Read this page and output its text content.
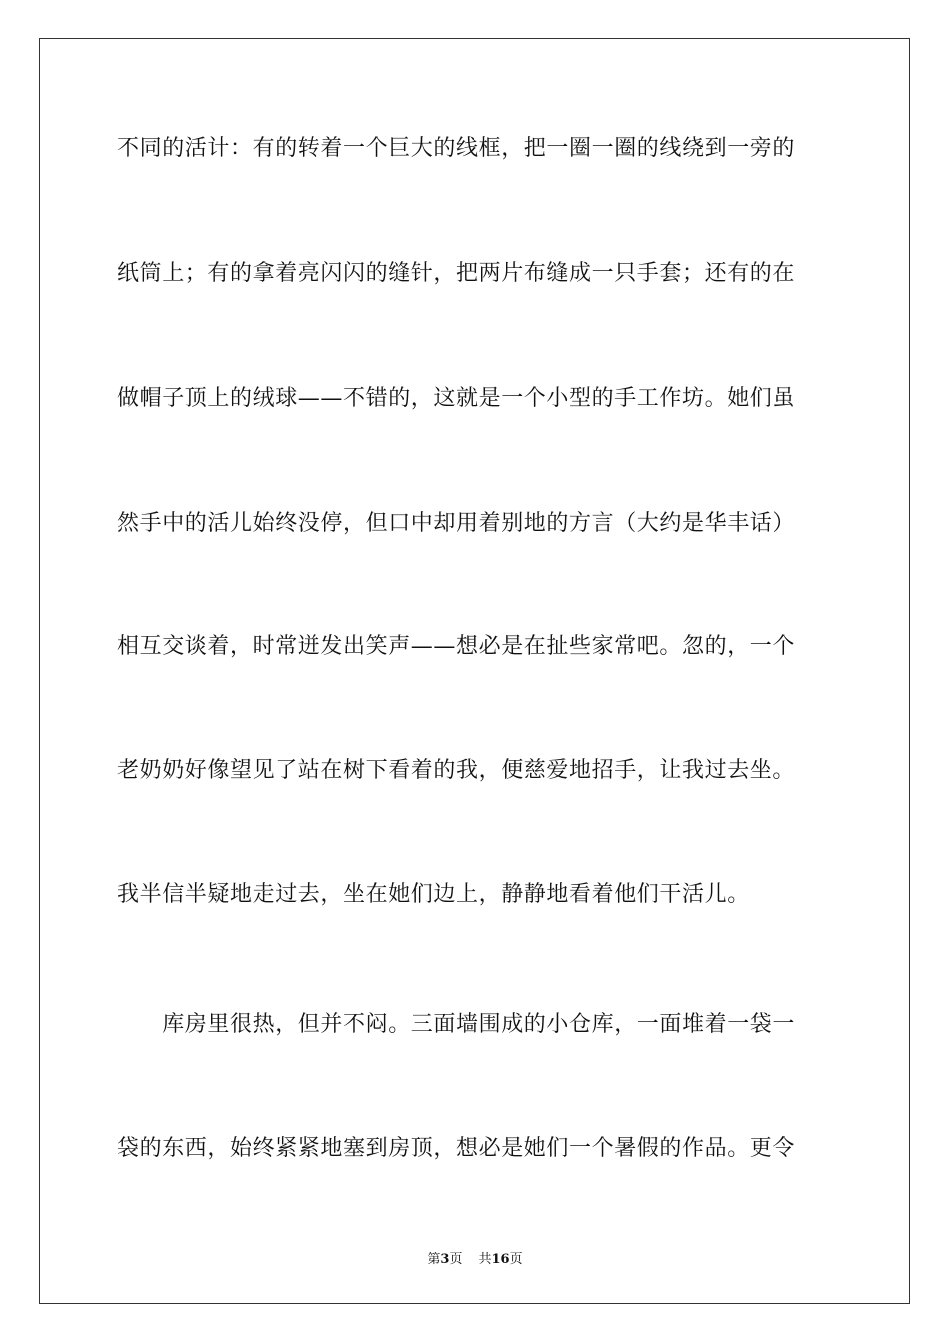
不同的活计：有的转着一个巨大的线框，把一圈一圈的线绕到一旁的
纸筒上；有的拿着亮闪闪的缝针，把两片布缝成一只手套；还有的在
做帽子顶上的绒球——不错的，这就是一个小型的手工作坊。她们虽
然手中的活儿始终没停，但口中却用着别地的方言（大约是华丰话）
相互交谈着，时常迸发出笑声——想必是在扯些家常吧。忽的，一个
老奶奶好像望见了站在树下看着的我，便慈爱地招手，让我过去坐。
我半信半疑地走过去，坐在她们边上，静静地看着他们干活儿。
　　库房里很热，但并不闷。三面墙围成的小仓库，一面堆着一袋一
袋的东西，始终紧紧地塞到房顶，想必是她们一个暑假的作品。更令
第3页 共16页
